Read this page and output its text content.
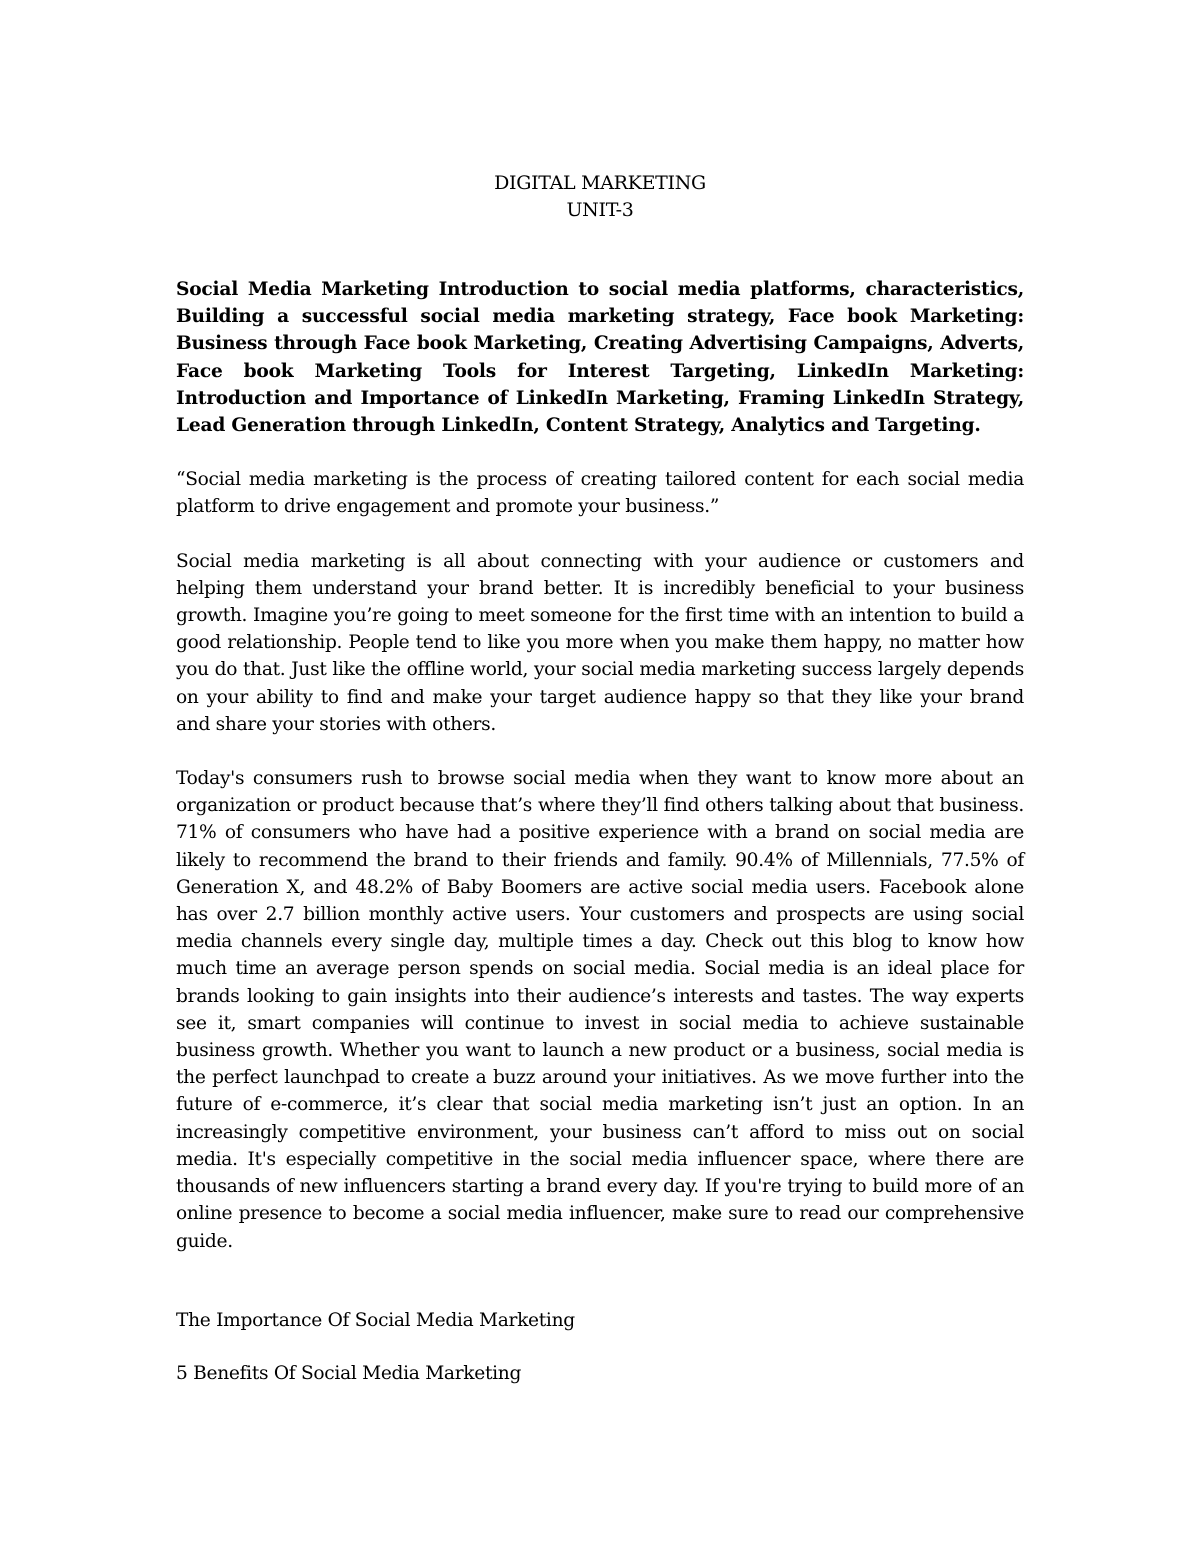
DIGITAL MARKETING
UNIT-3
Social Media Marketing Introduction to social media platforms, characteristics, Building a successful social media marketing strategy, Face book Marketing: Business through Face book Marketing, Creating Advertising Campaigns, Adverts, Face book Marketing Tools for Interest Targeting, LinkedIn Marketing: Introduction and Importance of LinkedIn Marketing, Framing LinkedIn Strategy, Lead Generation through LinkedIn, Content Strategy, Analytics and Targeting.
“Social media marketing is the process of creating tailored content for each social media platform to drive engagement and promote your business.”
Social media marketing is all about connecting with your audience or customers and helping them understand your brand better. It is incredibly beneficial to your business growth. Imagine you’re going to meet someone for the first time with an intention to build a good relationship. People tend to like you more when you make them happy, no matter how you do that. Just like the offline world, your social media marketing success largely depends on your ability to find and make your target audience happy so that they like your brand and share your stories with others.
Today's consumers rush to browse social media when they want to know more about an organization or product because that’s where they’ll find others talking about that business. 71% of consumers who have had a positive experience with a brand on social media are likely to recommend the brand to their friends and family. 90.4% of Millennials, 77.5% of Generation X, and 48.2% of Baby Boomers are active social media users. Facebook alone has over 2.7 billion monthly active users. Your customers and prospects are using social media channels every single day, multiple times a day. Check out this blog to know how much time an average person spends on social media. Social media is an ideal place for brands looking to gain insights into their audience’s interests and tastes. The way experts see it, smart companies will continue to invest in social media to achieve sustainable business growth. Whether you want to launch a new product or a business, social media is the perfect launchpad to create a buzz around your initiatives. As we move further into the future of e-commerce, it’s clear that social media marketing isn’t just an option. In an increasingly competitive environment, your business can’t afford to miss out on social media. It's especially competitive in the social media influencer space, where there are thousands of new influencers starting a brand every day. If you're trying to build more of an online presence to become a social media influencer, make sure to read our comprehensive guide.
The Importance Of Social Media Marketing
5 Benefits Of Social Media Marketing
